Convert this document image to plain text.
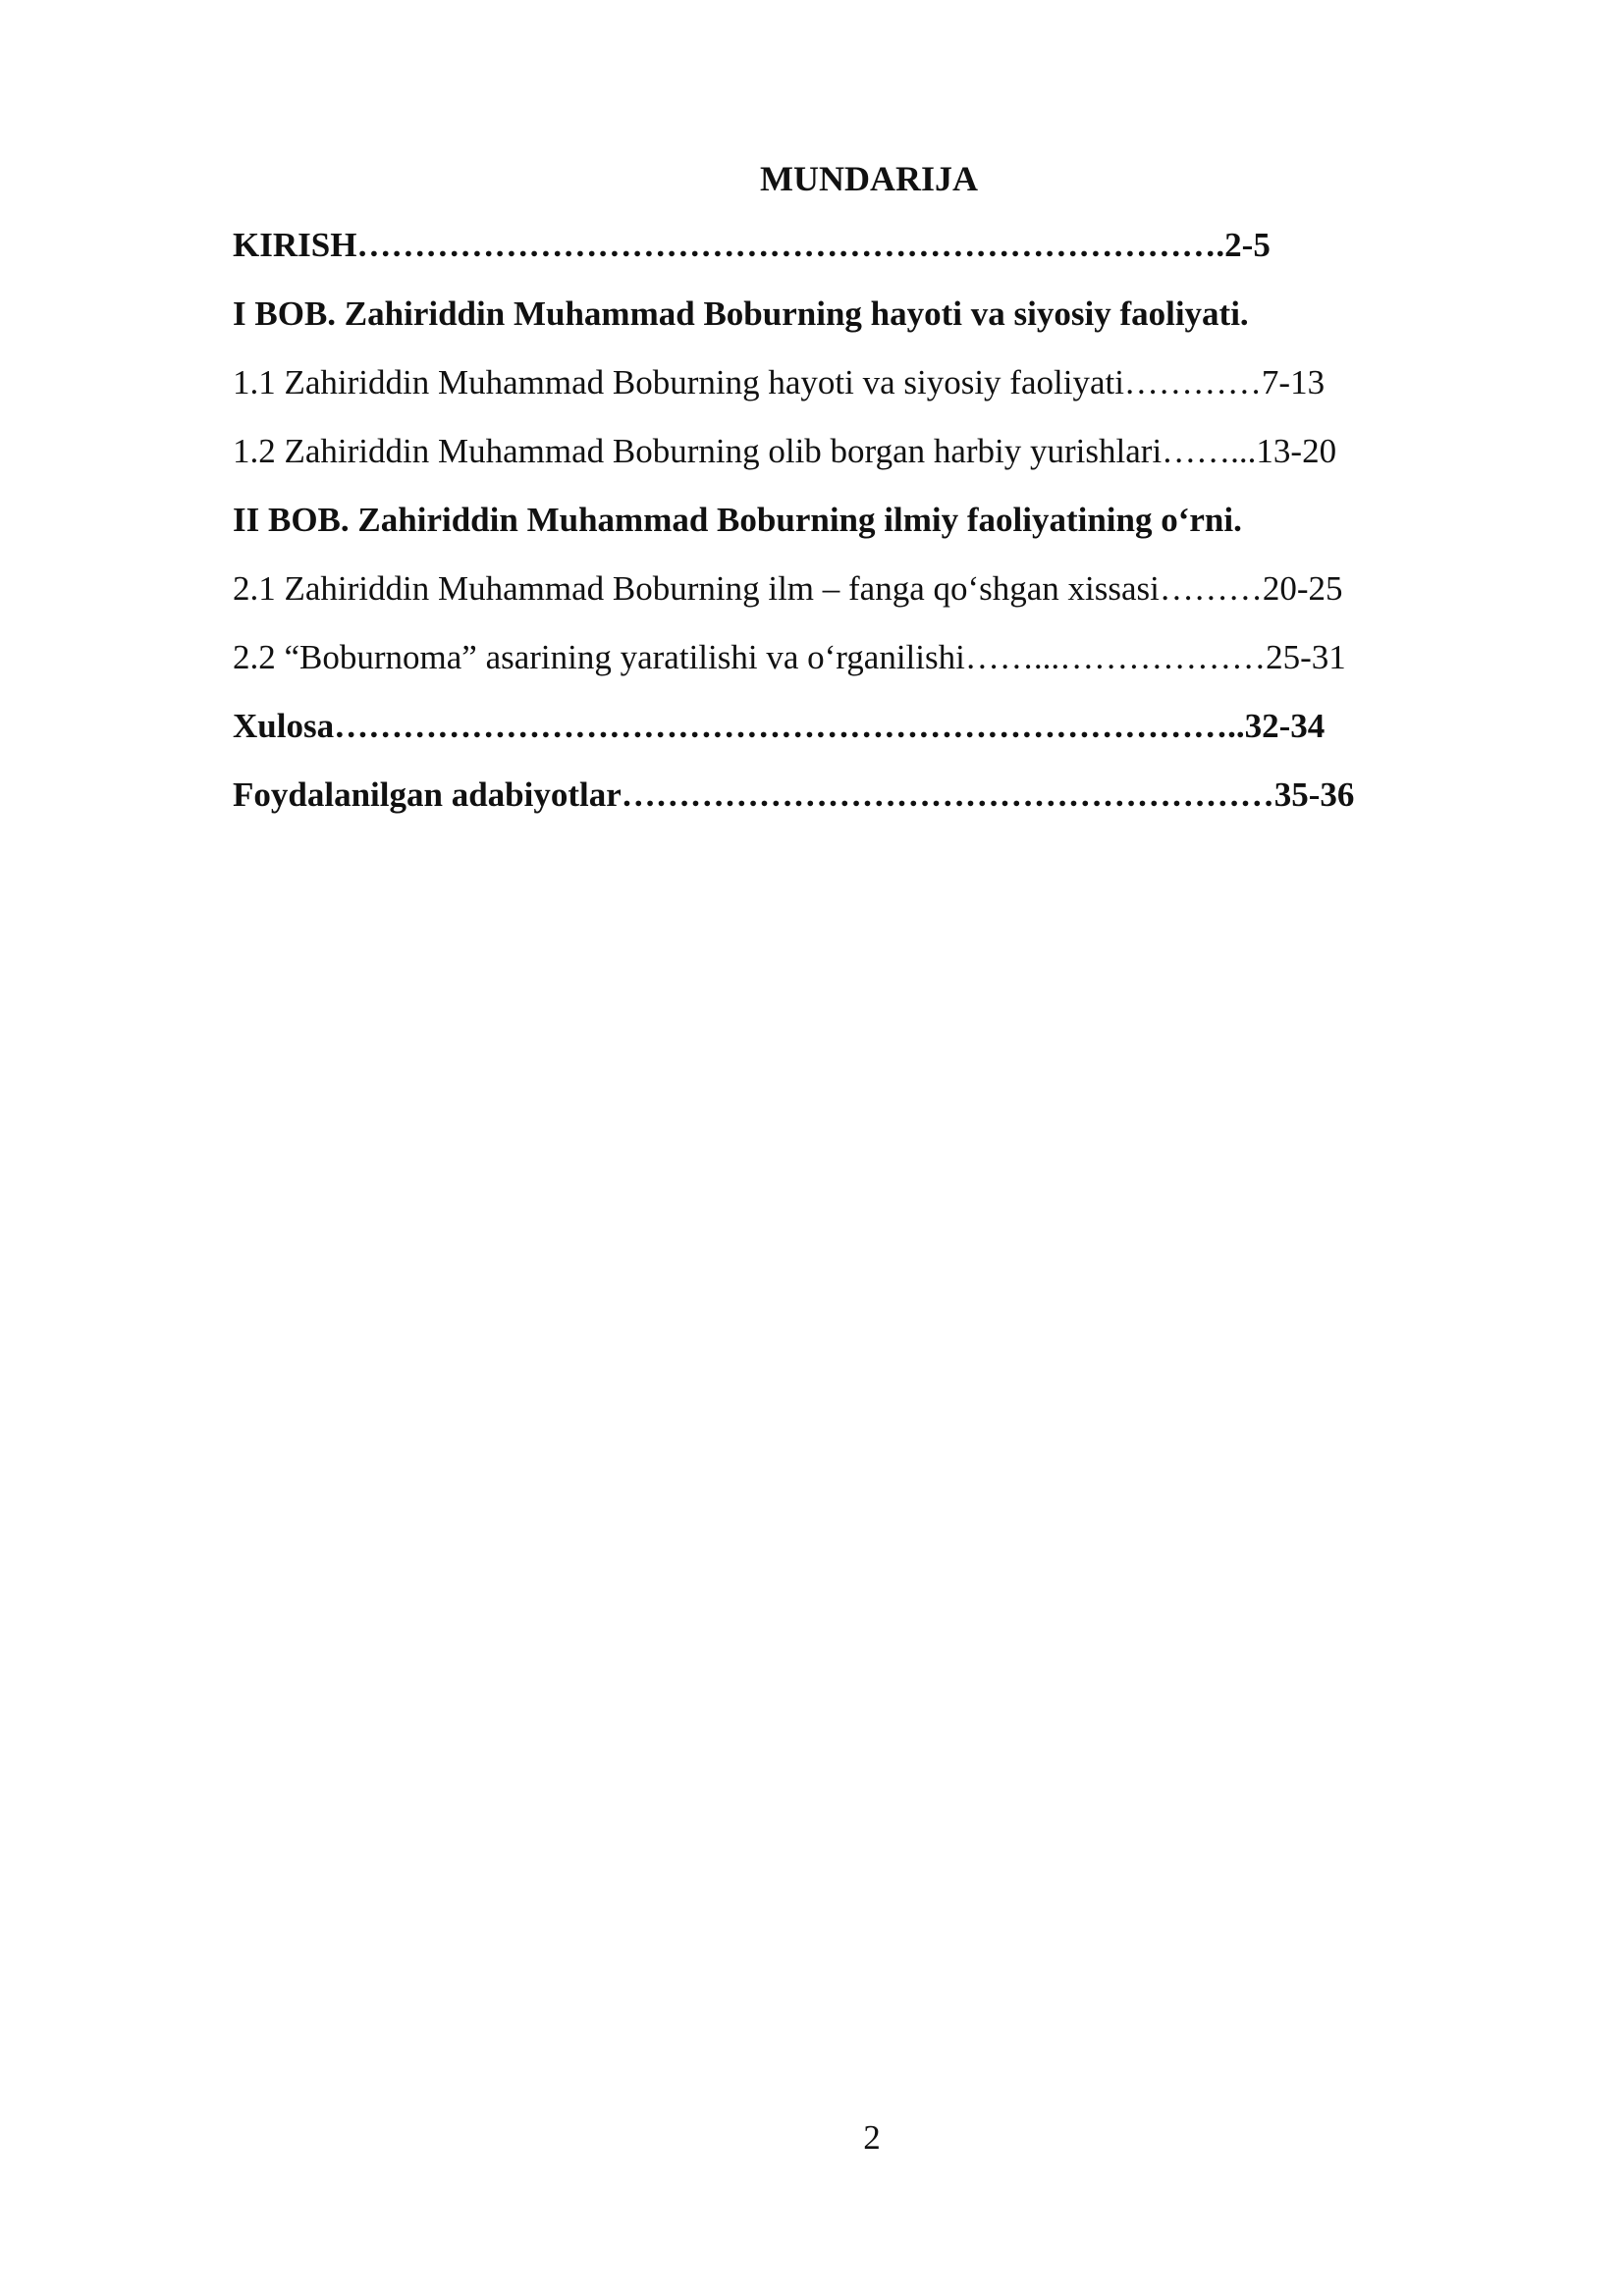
MUNDARIJA
KIRISH………………………………………………………………….2-5
I BOB. Zahiriddin Muhammad Boburning hayoti va siyosiy faoliyati.
1.1 Zahiriddin Muhammad Boburning hayoti va siyosiy faoliyati…………7-13
1.2 Zahiriddin Muhammad Boburning olib borgan harbiy yurishlari……...13-20
II BOB. Zahiriddin Muhammad Boburning ilmiy faoliyatining o‘rni.
2.1 Zahiriddin Muhammad Boburning ilm – fanga qo‘shgan xissasi………20-25
2.2 “Boburnoma” asarining yaratilishi va o‘rganilishi……...………………25-31
Xulosa……………………………………………………………………..32-34
Foydalanilgan adabiyotlar…………………………………………………35-36
2
